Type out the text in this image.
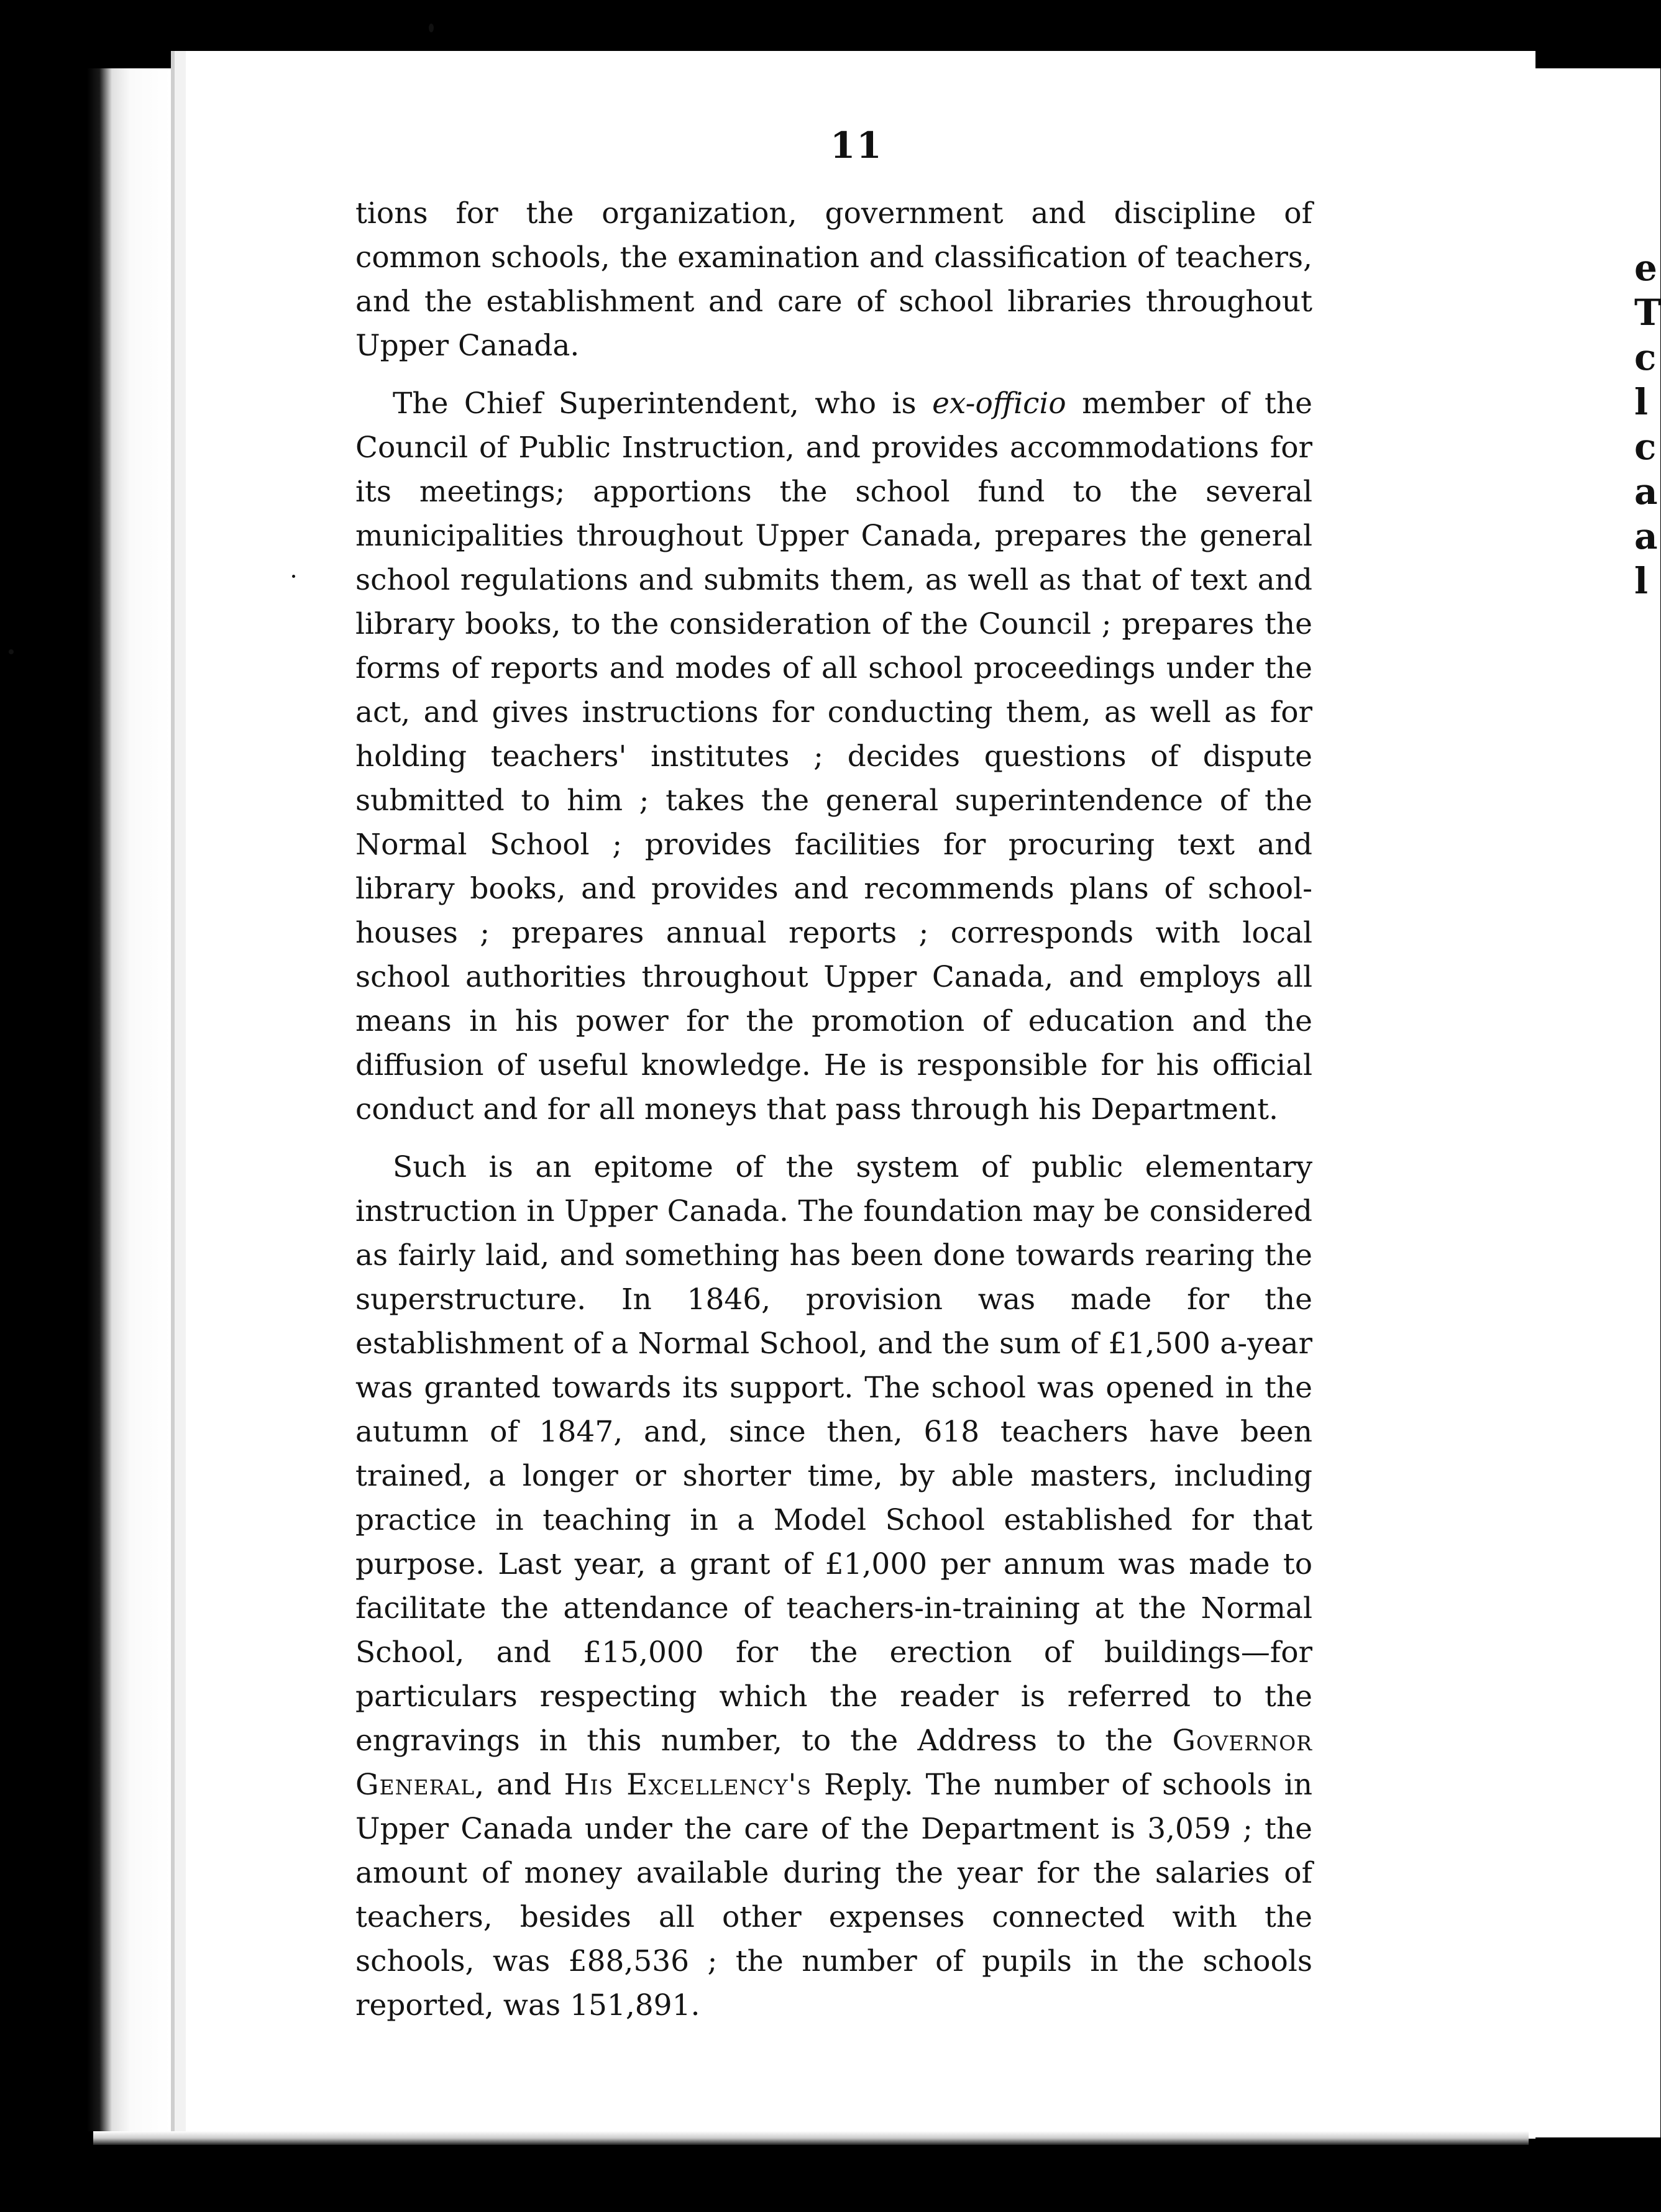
e
T
c
l
c
a
a
l
11

tions for the organization, government and discipline of common schools, the examination and classification of teachers, and the establishment and care of school libraries throughout Upper Canada.

The Chief Superintendent, who is ex-officio member of the Council of Public Instruction, and provides accommodations for its meetings; apportions the school fund to the several municipalities throughout Upper Canada, prepares the general school regulations and submits them, as well as that of text and library books, to the consideration of the Council ; prepares the forms of reports and modes of all school proceedings under the act, and gives instructions for conducting them, as well as for holding teachers' institutes ; decides questions of dispute submitted to him ; takes the general superintendence of the Normal School ; provides facilities for procuring text and library books, and provides and recommends plans of school-houses ; prepares annual reports ; corresponds with local school authorities throughout Upper Canada, and employs all means in his power for the promotion of education and the diffusion of useful knowledge. He is responsible for his official conduct and for all moneys that pass through his Department.

Such is an epitome of the system of public elementary instruction in Upper Canada. The foundation may be considered as fairly laid, and something has been done towards rearing the superstructure. In 1846, provision was made for the establishment of a Normal School, and the sum of £1,500 a-year was granted towards its support. The school was opened in the autumn of 1847, and, since then, 618 teachers have been trained, a longer or shorter time, by able masters, including practice in teaching in a Model School established for that purpose. Last year, a grant of £1,000 per annum was made to facilitate the attendance of teachers-in-training at the Normal School, and £15,000 for the erection of buildings—for particulars respecting which the reader is referred to the engravings in this number, to the Address to the Governor General, and His Excellency's Reply. The number of schools in Upper Canada under the care of the Department is 3,059 ; the amount of money available during the year for the salaries of teachers, besides all other expenses connected with the schools, was £88,536 ; the number of pupils in the schools reported, was 151,891.
